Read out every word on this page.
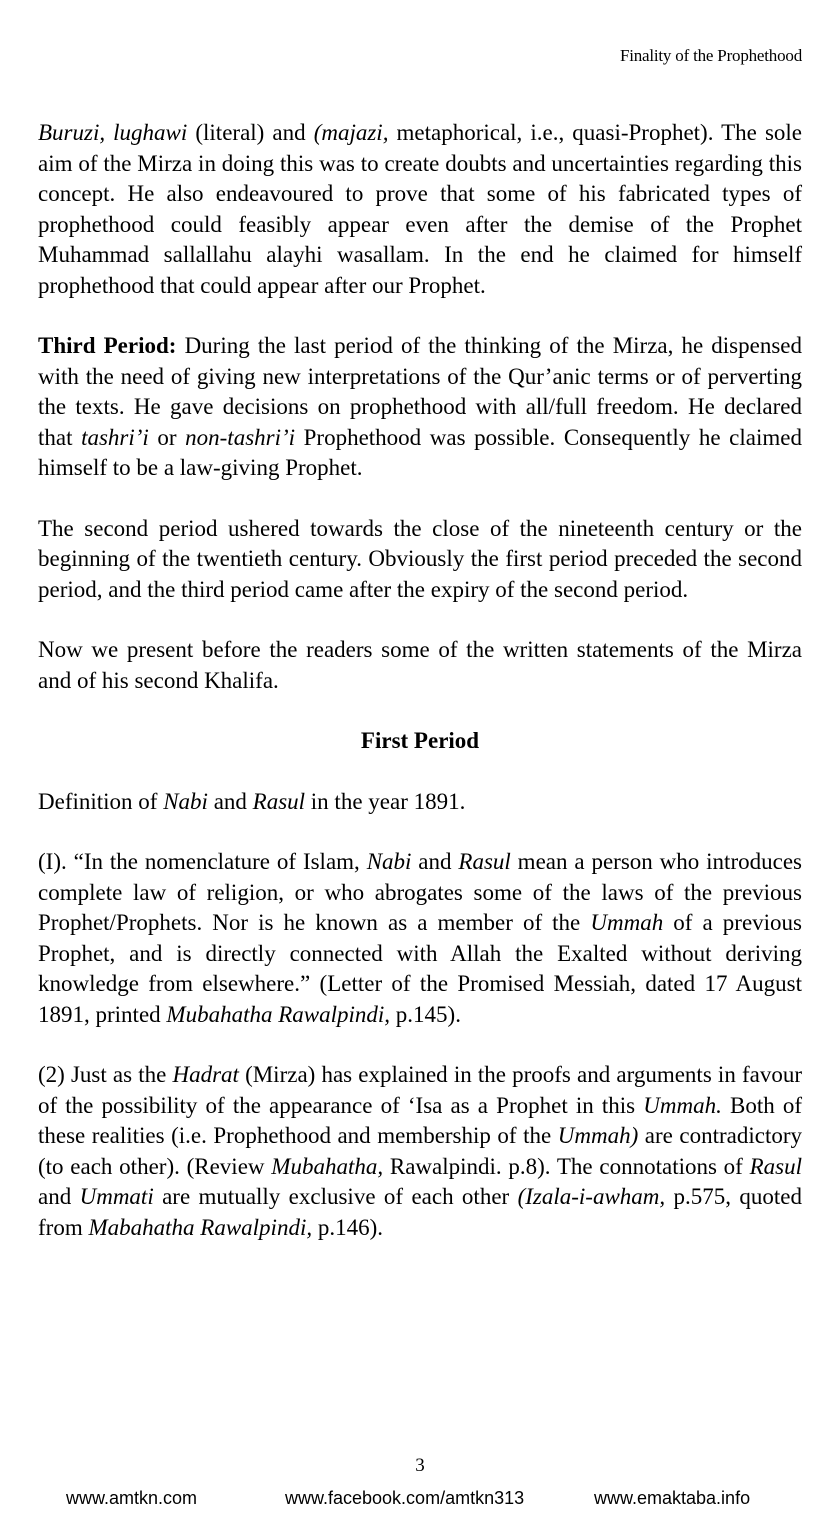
Finality of the Prophethood

Buruzi, lughawi (literal) and (majazi, metaphorical, i.e., quasi-Prophet). The sole aim of the Mirza in doing this was to create doubts and uncertainties regarding this concept. He also endeavoured to prove that some of his fabricated types of prophethood could feasibly appear even after the demise of the Prophet Muhammad sallallahu alayhi wasallam. In the end he claimed for himself prophethood that could appear after our Prophet.

Third Period: During the last period of the thinking of the Mirza, he dispensed with the need of giving new interpretations of the Qur’anic terms or of perverting the texts. He gave decisions on prophethood with all/full freedom. He declared that tashri’i or non-tashri’i Prophethood was possible. Consequently he claimed himself to be a law-giving Prophet.

The second period ushered towards the close of the nineteenth century or the beginning of the twentieth century. Obviously the first period preceded the second period, and the third period came after the expiry of the second period.

Now we present before the readers some of the written statements of the Mirza and of his second Khalifa.

First Period

Definition of Nabi and Rasul in the year 1891.

(I). “In the nomenclature of Islam, Nabi and Rasul mean a person who introduces complete law of religion, or who abrogates some of the laws of the previous Prophet/Prophets. Nor is he known as a member of the Ummah of a previous Prophet, and is directly connected with Allah the Exalted without deriving knowledge from elsewhere.” (Letter of the Promised Messiah, dated 17 August 1891, printed Mubahatha Rawalpindi, p.145).

(2) Just as the Hadrat (Mirza) has explained in the proofs and arguments in favour of the possibility of the appearance of ‘Isa as a Prophet in this Ummah. Both of these realities (i.e. Prophethood and membership of the Ummah) are contradictory (to each other). (Review Mubahatha, Rawalpindi. p.8). The connotations of Rasul and Ummati are mutually exclusive of each other (Izala-i-awham, p.575, quoted from Mabahatha Rawalpindi, p.146).

3
www.amtkn.com	www.facebook.com/amtkn313	www.emaktaba.info
